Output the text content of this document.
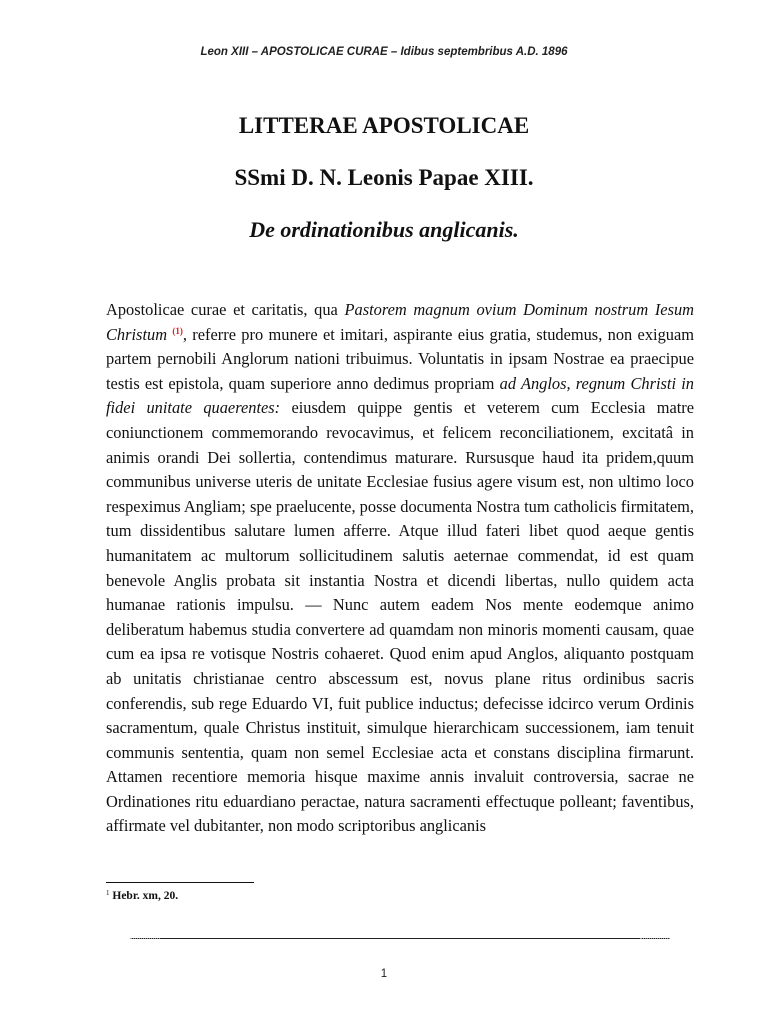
Leon XIII – APOSTOLICAE CURAE – Idibus septembribus A.D. 1896
LITTERAE APOSTOLICAE
SSmi D. N. Leonis Papae XIII.
De ordinationibus anglicanis.
Apostolicae curae et caritatis, qua Pastorem magnum ovium Dominum nostrum Iesum Christum $^{(1)}$, referre pro munere et imitari, aspirante eius gratia, studemus, non exiguam partem pernobili Anglorum nationi tribuimus. Voluntatis in ipsam Nostrae ea praecipue testis est epistola, quam superiore anno dedimus propriam ad Anglos, regnum Christi in fidei unitate quaerentes: eiusdem quippe gentis et veterem cum Ecclesia matre coniunctionem commemorando revocavimus, et felicem reconciliationem, excitatâ in animis orandi Dei sollertia, contendimus maturare. Rursusque haud ita pridem,quum communibus universe uteris de unitate Ecclesiae fusius agere visum est, non ultimo loco respeximus Angliam; spe praelucente, posse documenta Nostra tum catholicis firmitatem, tum dissidentibus salutare lumen afferre. Atque illud fateri libet quod aeque gentis humanitatem ac multorum sollicitudinem salutis aeternae commendat, id est quam benevole Anglis probata sit instantia Nostra et dicendi libertas, nullo quidem acta humanae rationis impulsu. — Nunc autem eadem Nos mente eodemque animo deliberatum habemus studia convertere ad quamdam non minoris momenti causam, quae cum ea ipsa re votisque Nostris cohaeret. Quod enim apud Anglos, aliquanto postquam ab unitatis christianae centro abscessum est, novus plane ritus ordinibus sacris conferendis, sub rege Eduardo VI, fuit publice inductus; defecisse idcirco verum Ordinis sacramentum, quale Christus instituit, simulque hierarchicam successionem, iam tenuit communis sententia, quam non semel Ecclesiae acta et constans disciplina firmarunt. Attamen recentiore memoria hisque maxime annis invaluit controversia, sacrae ne Ordinationes ritu eduardiano peractae, natura sacramenti effectuque polleant; faventibus, affirmate vel dubitanter, non modo scriptoribus anglicanis
$^1$ Hebr. xm, 20.
1
